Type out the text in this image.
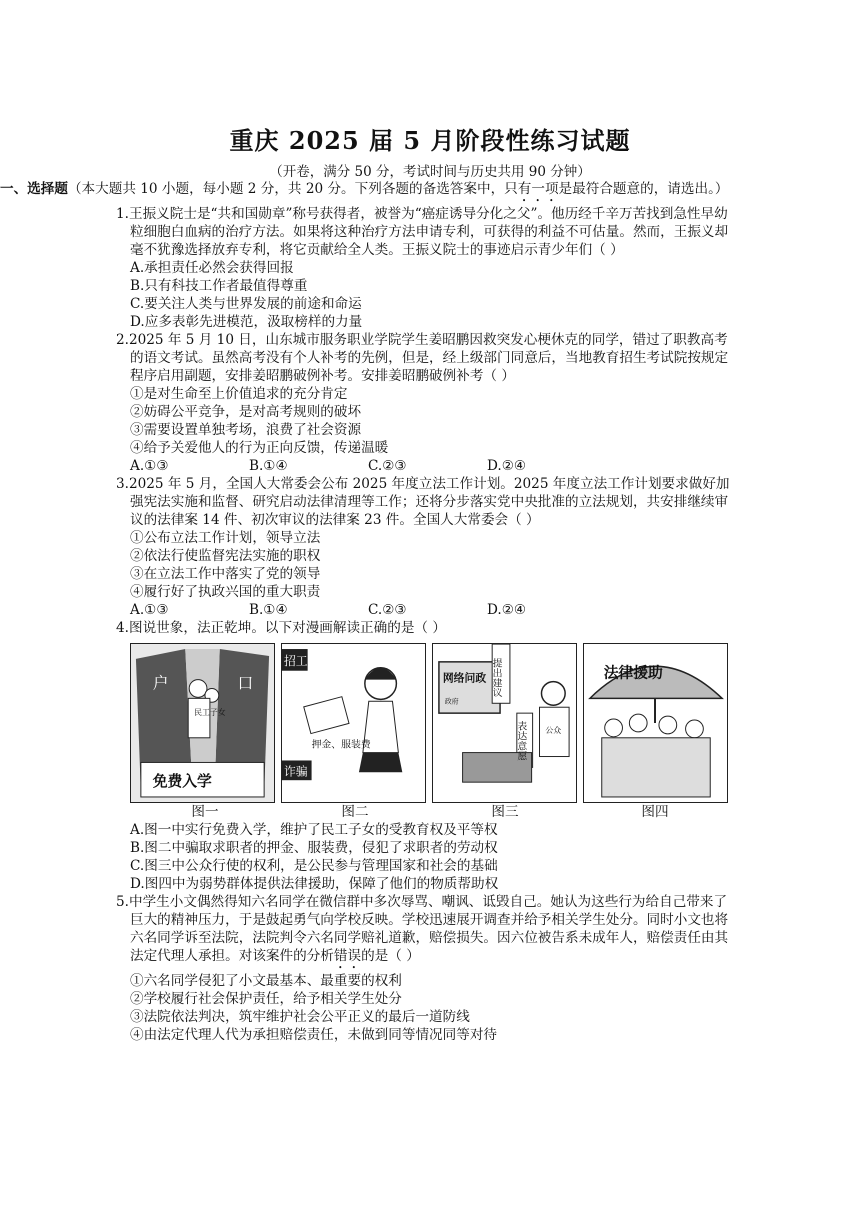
重庆 2025 届 5 月阶段性练习试题
（开卷，满分 50 分，考试时间与历史共用 90 分钟）

一、选择题（本大题共 10 小题，每小题 2 分，共 20 分。下列各题的备选答案中，只有一项是最符合题意的，请选出。）

1.王振义院士是“共和国勋章”称号获得者，被誉为“癌症诱导分化之父”。他历经千辛万苦找到急性早幼粒细胞白血病的治疗方法。如果将这种治疗方法申请专利，可获得的利益不可估量。然而，王振义却毫不犹豫选择放弃专利，将它贡献给全人类。王振义院士的事迹启示青少年们（ ）

A.承担责任必然会获得回报

B.只有科技工作者最值得尊重

C.要关注人类与世界发展的前途和命运

D.应多表彰先进模范，汲取榜样的力量

2.2025 年 5 月 10 日，山东城市服务职业学院学生姜昭鹏因救突发心梗休克的同学，错过了职教高考的语文考试。虽然高考没有个人补考的先例，但是，经上级部门同意后，当地教育招生考试院按规定程序启用副题，安排姜昭鹏破例补考。安排姜昭鹏破例补考（ ）

①是对生命至上价值追求的充分肯定

②妨碍公平竞争，是对高考规则的破坏

③需要设置单独考场，浪费了社会资源

④给予关爱他人的行为正向反馈，传递温暖

A.①③	B.①④	C.②③	D.②④

3.2025 年 5 月，全国人大常委会公布 2025 年度立法工作计划。2025 年度立法工作计划要求做好加强宪法实施和监督、研究启动法律清理等工作；还将分步落实党中央批准的立法规划，共安排继续审议的法律案 14 件、初次审议的法律案 23 件。全国人大常委会（ ）

①公布立法工作计划，领导立法

②依法行使监督宪法实施的职权

③在立法工作中落实了党的领导

④履行好了执政兴国的重大职责

A.①③	B.①④	C.②③	D.②④

4.图说世象，法正乾坤。以下对漫画解读正确的是（ ）

户	口
民工子女
免费入学
招工
押金、服装费
诈骗
网络问政
政府
提出建议
表达意愿 公众
法律援助
图一	图二	图三	图四

A.图一中实行免费入学，维护了民工子女的受教育权及平等权

B.图二中骗取求职者的押金、服装费，侵犯了求职者的劳动权

C.图三中公众行使的权利，是公民参与管理国家和社会的基础

D.图四中为弱势群体提供法律援助，保障了他们的物质帮助权

5.中学生小文偶然得知六名同学在微信群中多次辱骂、嘲讽、诋毁自己。她认为这些行为给自己带来了巨大的精神压力，于是鼓起勇气向学校反映。学校迅速展开调查并给予相关学生处分。同时小文也将六名同学诉至法院，法院判令六名同学赔礼道歉，赔偿损失。因六位被告系未成年人，赔偿责任由其法定代理人承担。对该案件的分析错误的是（ ）

①六名同学侵犯了小文最基本、最重要的权利

②学校履行社会保护责任，给予相关学生处分

③法院依法判决，筑牢维护社会公平正义的最后一道防线

④由法定代理人代为承担赔偿责任，未做到同等情况同等对待
